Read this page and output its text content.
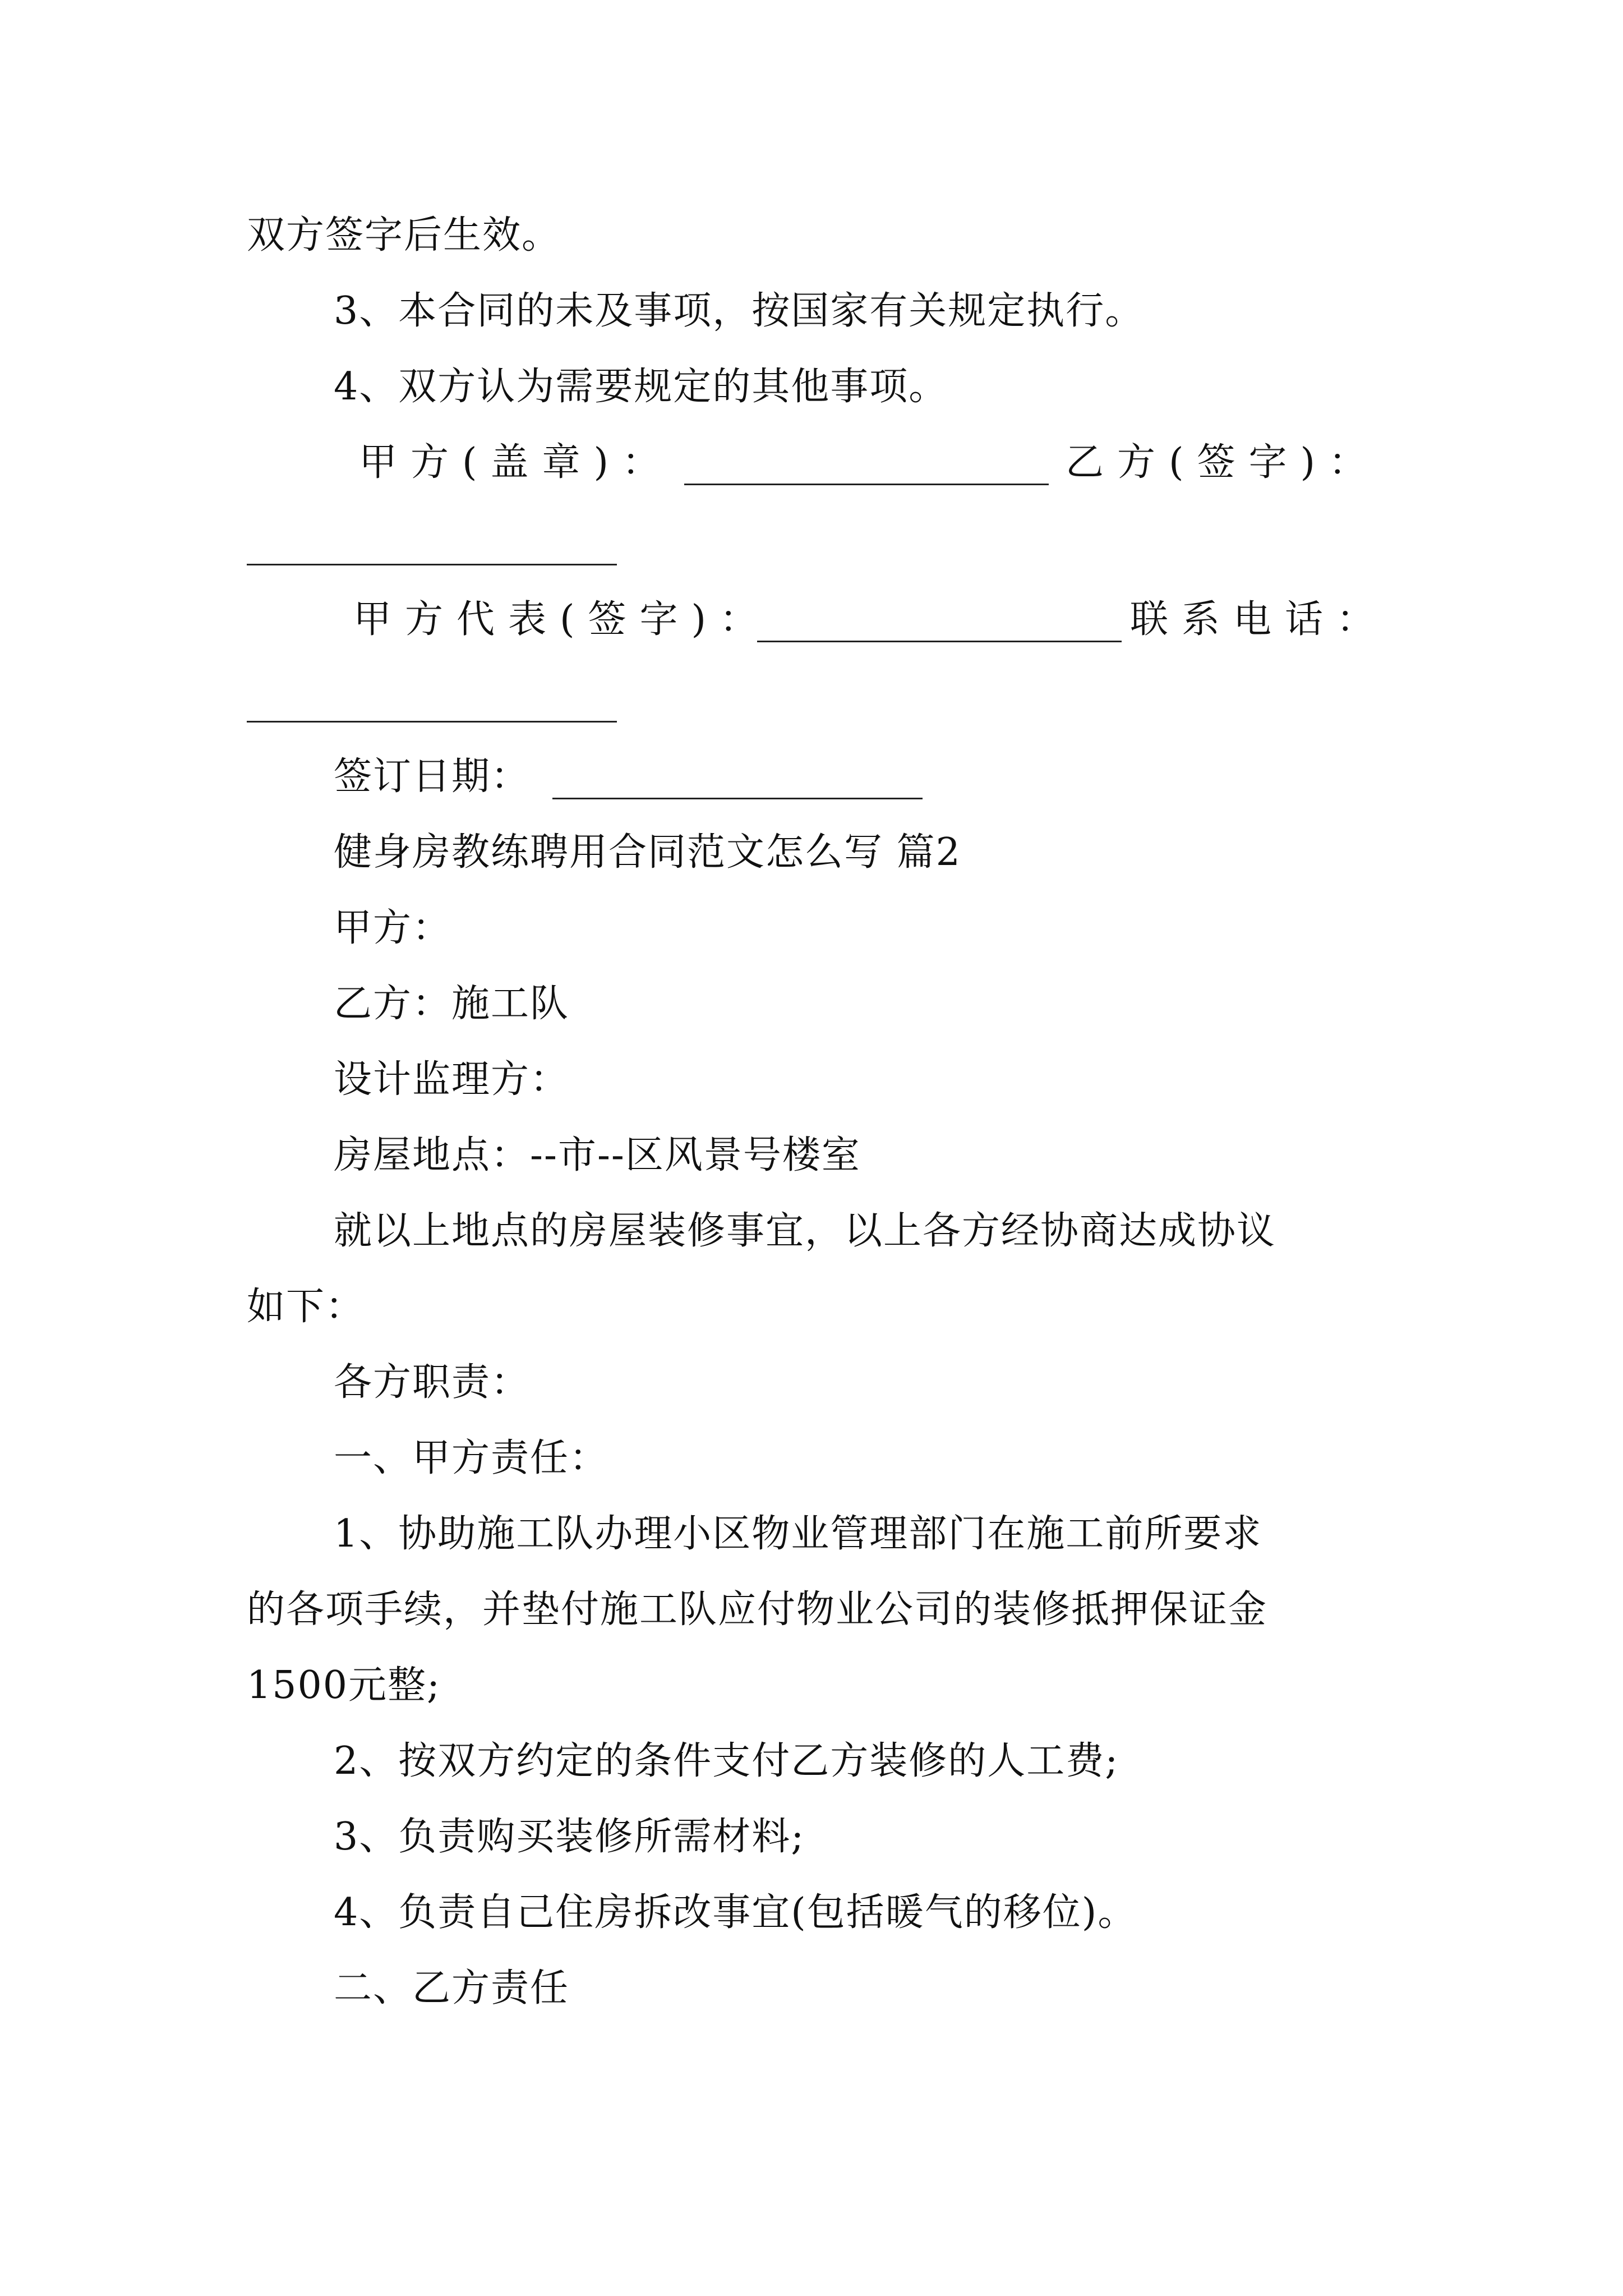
双方签字后生效。
3、本合同的未及事项，按国家有关规定执行。
4、双方认为需要规定的其他事项。
甲方(盖章)：	乙方(签字)：
甲方代表(签字)：	联系电话：
签订日期：
健身房教练聘用合同范文怎么写 篇2
甲方：
乙方：施工队
设计监理方：
房屋地点：--市--区风景号楼室
就以上地点的房屋装修事宜，以上各方经协商达成协议
如下：
各方职责：
一、甲方责任：
1、协助施工队办理小区物业管理部门在施工前所要求
的各项手续，并垫付施工队应付物业公司的装修抵押保证金
1500元整;
2、按双方约定的条件支付乙方装修的人工费;
3、负责购买装修所需材料;
4、负责自己住房拆改事宜(包括暖气的移位)。
二、乙方责任
